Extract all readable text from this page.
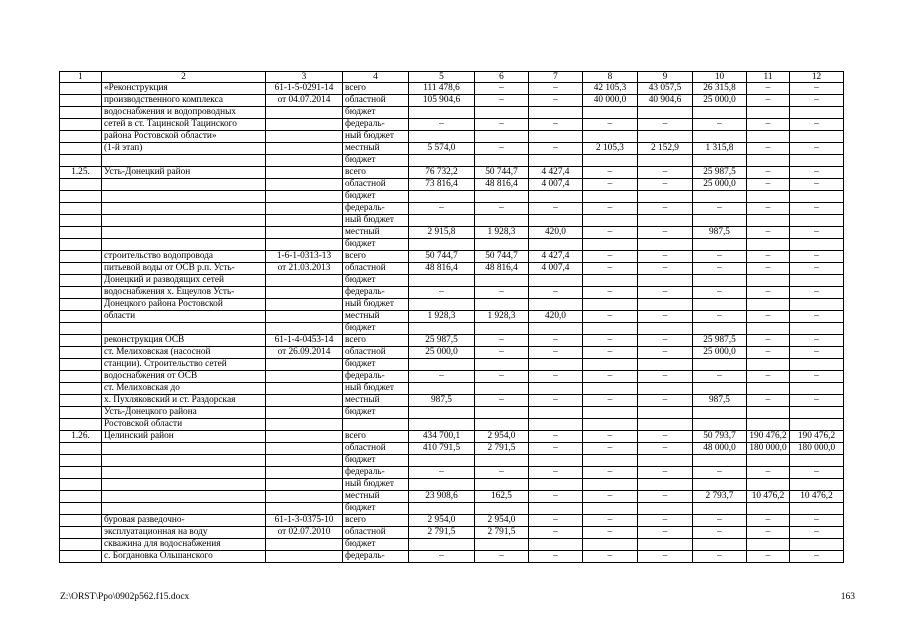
1	2	3	4	5	6	7	8	9	10	11	12
	«Реконструкция	61-1-5-0291-14	всего	111 478,6	–	–	42 105,3	43 057,5	26 315,8	–	–
	производственного комплекса	от 04.07.2014	областной	105 904,6	–	–	40 000,0	40 904,6	25 000,0	–	–
	водоснабжения и водопроводных		бюджет								
	сетей в ст. Тацинской Тацинского		федераль-	–	–	–	–	–	–	–	–
	района Ростовской области»		ный бюджет								
	(1-й этап)		местный	5 574,0	–	–	2 105,3	2 152,9	1 315,8	–	–
			бюджет								
1.25.	Усть-Донецкий район		всего	76 732,2	50 744,7	4 427,4	–	–	25 987,5	–	–
			областной	73 816,4	48 816,4	4 007,4	–	–	25 000,0	–	–
			бюджет								
			федераль-	–	–	–	–	–	–	–	–
			ный бюджет								
			местный	2 915,8	1 928,3	420,0	–	–	987,5	–	–
			бюджет								
	строительство водопровода	1-6-1-0313-13	всего	50 744,7	50 744,7	4 427,4	–	–	–	–	–
	питьевой воды от ОСВ р.п. Усть-	от 21.03.2013	областной	48 816,4	48 816,4	4 007,4	–	–	–	–	–
	Донецкий и разводящих сетей		бюджет								
	водоснабжения х. Ещеулов Усть-		федераль-	–	–	–	–	–	–	–	–
	Донецкого района Ростовской		ный бюджет								
	области		местный	1 928,3	1 928,3	420,0	–	–	–	–	–
			бюджет								
	реконструкция ОСВ	61-1-4-0453-14	всего	25 987,5	–	–	–	–	25 987,5	–	–
	ст. Мелиховская (насосной	от 26.09.2014	областной	25 000,0	–	–	–	–	25 000,0	–	–
	станции). Строительство сетей		бюджет								
	водоснабжения от ОСВ		федераль-	–	–	–	–	–	–	–	–
	ст. Мелиховская до		ный бюджет								
	х. Пухляковский и ст. Раздорская		местный	987,5	–	–	–	–	987,5	–	–
	Усть-Донецкого района		бюджет								
	Ростовской области										
1.26.	Целинский район		всего	434 700,1	2 954,0	–	–	–	50 793,7	190 476,2	190 476,2
			областной	410 791,5	2 791,5	–	–	–	48 000,0	180 000,0	180 000,0
			бюджет								
			федераль-	–	–	–	–	–	–	–	–
			ный бюджет								
			местный	23 908,6	162,5	–	–	–	2 793,7	10 476,2	10 476,2
			бюджет								
	буровая разведочно-	61-1-3-0375-10	всего	2 954,0	2 954,0	–	–	–	–	–	–
	эксплуатационная на воду	от 02.07.2010	областной	2 791,5	2 791,5	–	–	–	–	–	–
	скважина для водоснабжения		бюджет								
	с. Богдановка Ольшанского		федераль-	–	–	–	–	–	–	–	–
Z:\ORST\Ppo\0902p562.f15.docx	163
